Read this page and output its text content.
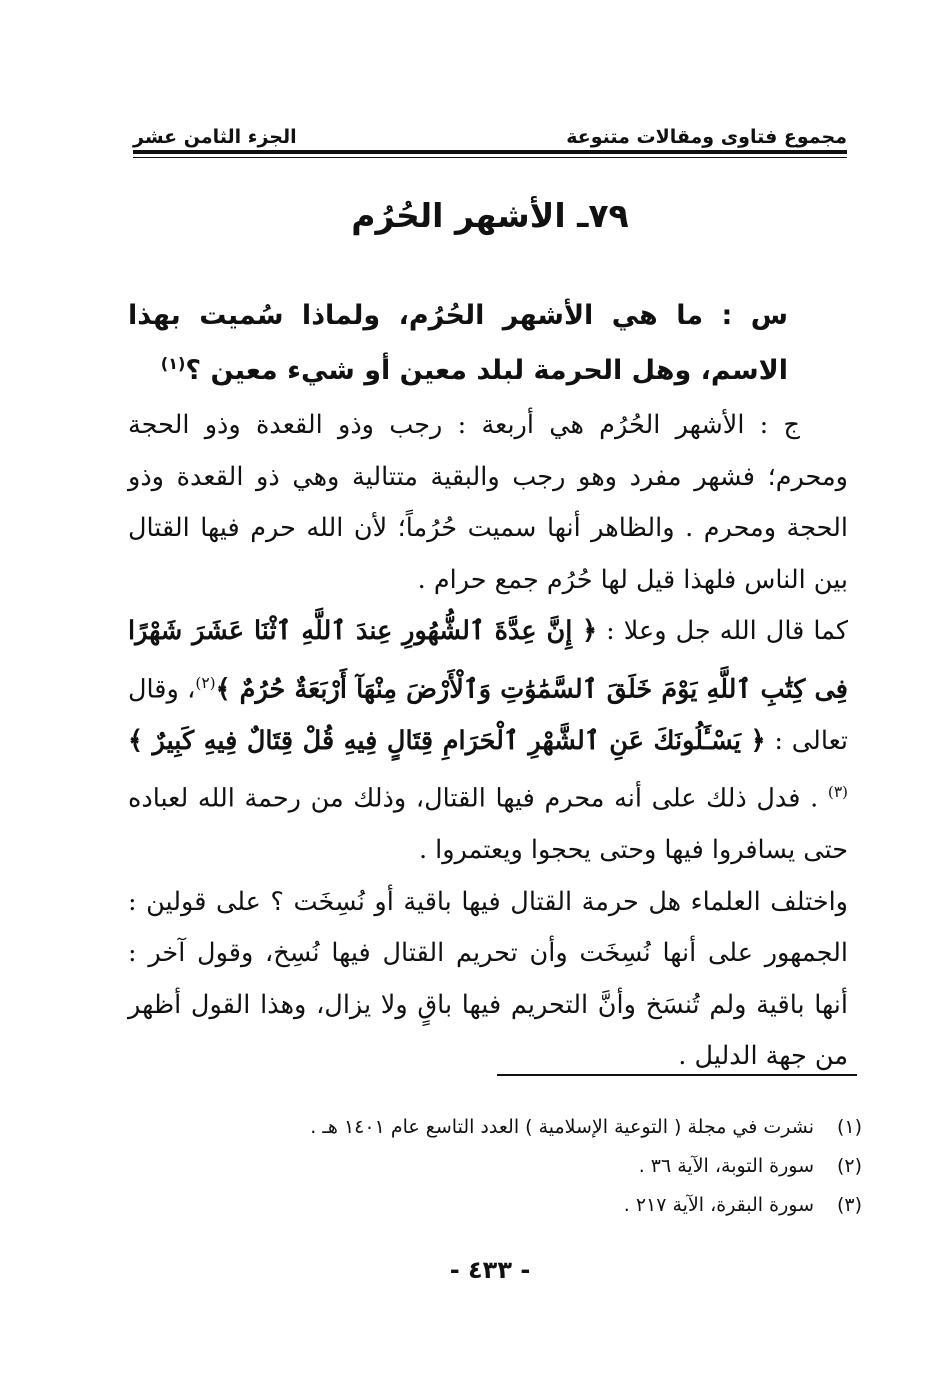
مجموع فتاوى ومقالات متنوعة
الجزء الثامن عشر
٧٩ـ الأشهر الحُرُم
س : ما هي الأشهر الحُرُم، ولماذا سُميت بهذا الاسم، وهل الحرمة لبلد معين أو شيء معين ؟$^{(١)}$

ج : الأشهر الحُرُم هي أربعة : رجب وذو القعدة وذو الحجة ومحرم؛ فشهر مفرد وهو رجب والبقية متتالية وهي ذو القعدة وذو الحجة ومحرم . والظاهر أنها سميت حُرُماً؛ لأن الله حرم فيها القتال بين الناس فلهذا قيل لها حُرُم جمع حرام .

كما قال الله جل وعلا : ﴿ إِنَّ عِدَّةَ ٱلشُّهُورِ عِندَ ٱللَّهِ ٱثْنَا عَشَرَ شَهْرًا فِى كِتَٰبِ ٱللَّهِ يَوْمَ خَلَقَ ٱلسَّمَٰوَٰتِ وَٱلْأَرْضَ مِنْهَآ أَرْبَعَةٌ حُرُمٌ ﴾$^{(٢)}$، وقال تعالى : ﴿ يَسْـَٔلُونَكَ عَنِ ٱلشَّهْرِ ٱلْحَرَامِ قِتَالٍ فِيهِ قُلْ قِتَالٌ فِيهِ كَبِيرٌ ﴾$^{(٣)}$ . فدل ذلك على أنه محرم فيها القتال، وذلك من رحمة الله لعباده حتى يسافروا فيها وحتى يحجوا ويعتمروا .

واختلف العلماء هل حرمة القتال فيها باقية أو نُسِخَت ؟ على قولين : الجمهور على أنها نُسِخَت وأن تحريم القتال فيها نُسِخ، وقول آخر : أنها باقية ولم تُنسَخ وأنَّ التحريم فيها باقٍ ولا يزال، وهذا القول أظهر من جهة الدليل .

(١)
نشرت في مجلة ( التوعية الإسلامية ) العدد التاسع عام ١٤٠١ هـ .
(٢)
سورة التوبة، الآية ٣٦ .
(٣)
سورة البقرة، الآية ٢١٧ .
- ٤٣٣ -
